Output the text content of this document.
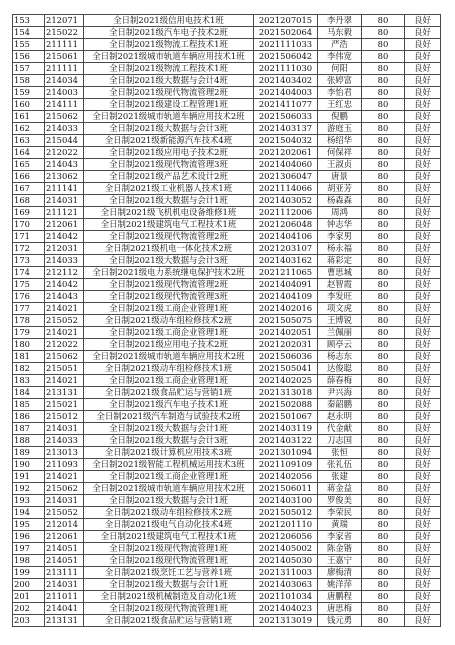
153	212071	全日制2021级信用电技术1班	2021207015	李丹翠	80	良好
154	215022	全日制2021级汽车电子技术2班	2021502064	马东毅	80	良好
155	211111	全日制2021级物流工程技术1班	2021111033	严浩	80	良好
156	215061	全日制2021级城市轨道车辆应用技术1班	2021506042	李伟宽	80	良好
157	211111	全日制2021级物流工程技术1班	2021111030	何阳	80	良好
158	214034	全日制2021级大数据与会计4班	2021403402	张婷富	80	良好
159	214003	全日制2021级现代物流管理2班	2021404003	李怡君	80	良好
160	214111	全日制2021级建设工程管理1班	2021411077	王红忠	80	良好
161	215062	全日制2021级城市轨道车辆应用技术2班	2021506033	倪鹏	80	良好
162	214033	全日制2021级大数据与会计3班	2021403137	游庭玉	80	良好
163	215044	全日制2021级新能源汽车技术4班	2021504032	杨绍华	80	良好
164	212022	全日制2021级应用电子技术2班	2021202061	何保祥	80	良好
165	214043	全日制2021级现代物流管理3班	2021404060	王淑贞	80	良好
166	213062	全日制2021级产品艺术设计2班	2021306047	唐景	80	良好
167	211141	全日制2021级工业机器人技术1班	2021114066	胡亚芳	80	良好
168	214031	全日制2021级大数据与会计1班	2021403052	杨森森	80	良好
169	211121	全日制2021级飞机机电设备维修1班	2021112006	周鸿	80	良好
170	212061	全日制2021级建筑电气工程技术1班	2021206048	钟志华	80	良好
171	214042	全日制2021级现代物流管理2班	2021404106	李家男	80	良好
172	212031	全日制2021级机电一体化技术2班	2021203107	杨永福	80	良好
173	214033	全日制2021级大数据与会计3班	2021403162	蒋彩定	80	良好
174	212112	全日制2021级电力系统继电保护技术2班	2021211065	曹思城	80	良好
175	214042	全日制2021级现代物流管理2班	2021404091	赵智霞	80	良好
176	214043	全日制2021级现代物流管理3班	2021404109	李发旺	80	良好
177	214021	全日制2021级工商企业管理1班	2021402016	项文虎	80	良好
178	215052	全日制2021级动车组检修技术2班	2021505075	王博锐	80	良好
179	214021	全日制2021级工商企业管理1班	2021402051	兰佩丽	80	良好
180	212022	全日制2021级应用电子技术2班	2021202031	顾亭云	80	良好
181	215062	全日制2021级城市轨道车辆应用技术2班	2021506036	杨志东	80	良好
182	215051	全日制2021级动车组检修技术1班	2021505041	达俊聪	80	良好
183	214021	全日制2021级工商企业管理1班	2021402025	薛春梅	80	良好
184	213131	全日制2021级食品贮运与营销1班	2021313018	尹兴海	80	良好
185	215021	全日制2021级汽车电子技术1班	2021502088	秦韶鹏	80	良好
186	215012	全日制2021级汽车制造与试验技术2班	2021501067	赵永明	80	良好
187	214031	全日制2021级大数据与会计1班	2021403119	代金献	80	良好
188	214033	全日制2021级大数据与会计3班	2021403122	刀志国	80	良好
189	213013	全日制2021级计算机应用技术3班	2021301094	张恒	80	良好
190	211093	全日制2021级智能工程机械运用技术3班	2021109109	张礼伍	80	良好
191	214021	全日制2021级工商企业管理1班	2021402056	张建	80	良好
192	215062	全日制2021级城市轨道车辆应用技术2班	2021506011	蒋金益	80	良好
193	214031	全日制2021级大数据与会计1班	2021403100	罗俊美	80	良好
194	215052	全日制2021级动车组检修技术2班	2021505012	李荣民	80	良好
195	212014	全日制2021级电气自动化技术4班	2021201110	黄瑞	80	良好
196	212061	全日制2021级建筑电气工程技术1班	2021206056	李家省	80	良好
197	214051	全日制2021级现代物流管理1班	2021405002	陈金锴	80	良好
198	214051	全日制2021级现代物流管理1班	2021405030	王嘉宁	80	良好
199	213111	全日制2021级烹饪工艺与营养1班	2021311003	廖梅清	80	良好
200	214031	全日制2021级大数据与会计1班	2021403063	姚洋萍	80	良好
201	211011	全日制2021级机械制造及自动化1班	2021101034	唐鹏程	80	良好
202	214041	全日制2021级现代物流管理1班	2021404023	唐思梅	80	良好
203	213131	全日制2021级食品贮运与营销1班	2021313019	钱元勇	80	良好
